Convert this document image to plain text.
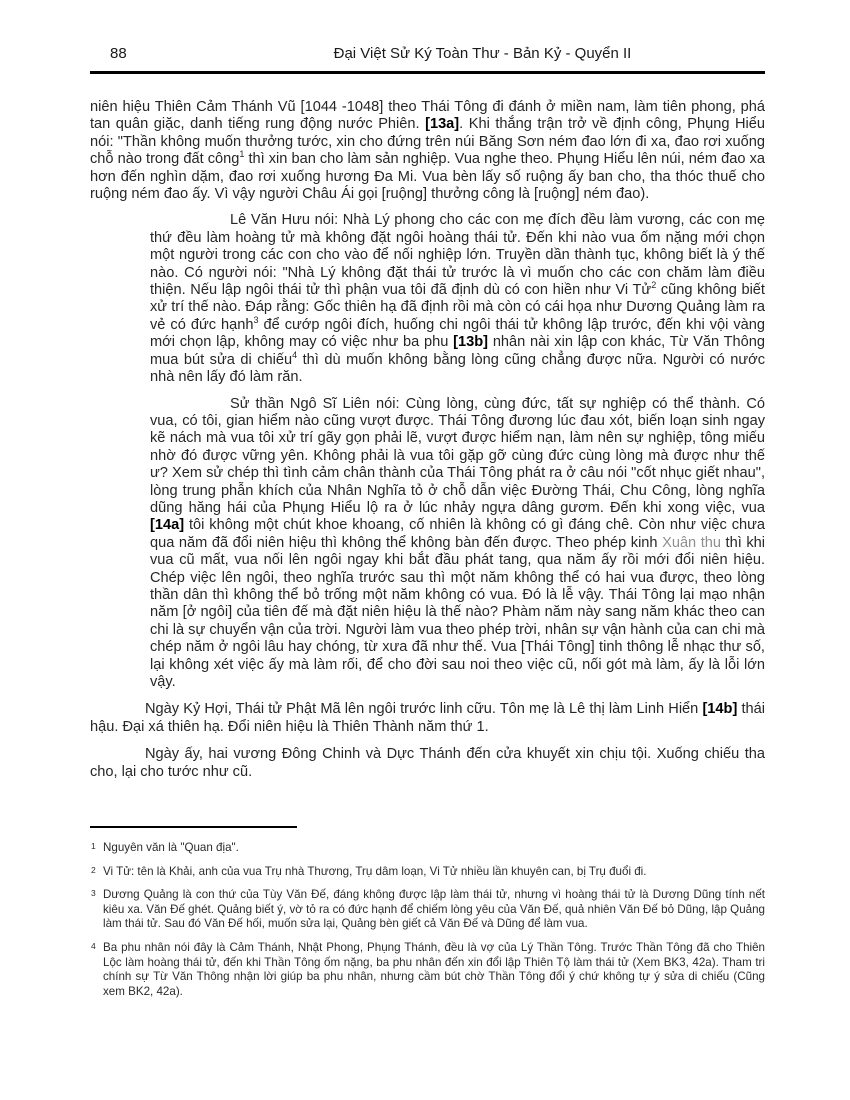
88	Đại Việt Sử Ký Toàn Thư - Bản Kỷ - Quyển II

niên hiệu Thiên Cảm Thánh Vũ [1044 -1048] theo Thái Tông đi đánh ở miền nam, làm tiên phong, phá tan quân giặc, danh tiếng rung động nước Phiên. [13a]. Khi thắng trận trở về định công, Phụng Hiểu nói: "Thần không muốn thưởng tước, xin cho đứng trên núi Băng Sơn ném đao lớn đi xa, đao rơi xuống chỗ nào trong đất công$^1$ thì xin ban cho làm sản nghiệp. Vua nghe theo. Phụng Hiểu lên núi, ném đao xa hơn đến nghìn dặm, đao rơi xuống hương Đa Mi. Vua bèn lấy số ruộng ấy ban cho, tha thóc thuế cho ruộng ném đao ấy. Vì vậy người Châu Ái gọi [ruộng] thưởng công là [ruộng] ném đao).

Lê Văn Hưu nói: Nhà Lý phong cho các con mẹ đích đều làm vương, các con mẹ thứ đều làm hoàng tử mà không đặt ngôi hoàng thái tử. Đến khi nào vua ốm nặng mới chọn một người trong các con cho vào để nối nghiệp lớn. Truyền dần thành tục, không biết là ý thế nào. Có người nói: "Nhà Lý không đặt thái tử trước là vì muốn cho các con chăm làm điều thiện. Nếu lập ngôi thái tử thì phận vua tôi đã định dù có con hiền như Vi Tử$^2$ cũng không biết xử trí thế nào. Đáp rằng: Gốc thiên hạ đã định rồi mà còn có cái họa như Dương Quảng làm ra vẻ có đức hạnh$^3$ để cướp ngôi đích, huống chi ngôi thái tử không lập trước, đến khi vội vàng mới chọn lập, không may có việc như ba phu [13b] nhân nài xin lập con khác, Từ Văn Thông mua bút sửa di chiếu$^4$ thì dù muốn không bằng lòng cũng chẳng được nữa. Người có nước nhà nên lấy đó làm răn.

Sử thần Ngô Sĩ Liên nói: Cùng lòng, cùng đức, tất sự nghiệp có thể thành. Có vua, có tôi, gian hiểm nào cũng vượt được. Thái Tông đương lúc đau xót, biến loạn sinh ngay kẽ nách mà vua tôi xử trí gãy gọn phải lẽ, vượt được hiểm nạn, làm nên sự nghiệp, tông miếu nhờ đó được vững yên. Không phải là vua tôi gặp gỡ cùng đức cùng lòng mà được như thế ư? Xem sử chép thì tình cảm chân thành của Thái Tông phát ra ở câu nói "cốt nhục giết nhau", lòng trung phẫn khích của Nhân Nghĩa tỏ ở chỗ dẫn việc Đường Thái, Chu Công, lòng nghĩa dũng hăng hái của Phụng Hiểu lộ ra ở lúc nhảy ngựa dâng gươm. Đến khi xong việc, vua [14a] tôi không một chút khoe khoang, cố nhiên là không có gì đáng chê. Còn như việc chưa qua năm đã đổi niên hiệu thì không thể không bàn đến được. Theo phép kinh Xuân thu thì khi vua cũ mất, vua nối lên ngôi ngay khi bắt đầu phát tang, qua năm ấy rồi mới đổi niên hiệu. Chép việc lên ngôi, theo nghĩa trước sau thì một năm không thể có hai vua được, theo lòng thần dân thì không thể bỏ trống một năm không có vua. Đó là lễ vậy. Thái Tông lại mạo nhận năm [ở ngôi] của tiên đế mà đặt niên hiệu là thế nào? Phàm năm này sang năm khác theo can chi là sự chuyển vận của trời. Người làm vua theo phép trời, nhân sự vận hành của can chi mà chép năm ở ngôi lâu hay chóng, từ xưa đã như thế. Vua [Thái Tông] tinh thông lễ nhạc thư số, lại không xét việc ấy mà làm rối, để cho đời sau noi theo việc cũ, nối gót mà làm, ấy là lỗi lớn vậy.

Ngày Kỷ Hợi, Thái tử Phật Mã lên ngôi trước linh cữu. Tôn mẹ là Lê thị làm Linh Hiển [14b] thái hậu. Đại xá thiên hạ. Đổi niên hiệu là Thiên Thành năm thứ 1.

Ngày ấy, hai vương Đông Chinh và Dực Thánh đến cửa khuyết xin chịu tội. Xuống chiếu tha cho, lại cho tước như cũ.

1 Nguyên văn là "Quan địa".
2 Vi Tử: tên là Khải, anh của vua Trụ nhà Thương, Trụ dâm loạn, Vi Tử nhiều lần khuyên can, bị Trụ đuổi đi.
3 Dương Quảng là con thứ của Tùy Văn Đế, đáng không được lập làm thái tử, nhưng vì hoàng thái tử là Dương Dũng tính nết kiêu xa. Văn Đế ghét. Quảng biết ý, vờ tỏ ra có đức hạnh để chiếm lòng yêu của Văn Đế, quả nhiên Văn Đế bỏ Dũng, lập Quảng làm thái tử. Sau đó Văn Đế hối, muốn sửa lại, Quảng bèn giết cả Văn Đế và Dũng để làm vua.
4 Ba phu nhân nói đây là Cảm Thánh, Nhật Phong, Phụng Thánh, đều là vợ của Lý Thần Tông. Trước Thần Tông đã cho Thiên Lộc làm hoàng thái tử, đến khi Thần Tông ốm nặng, ba phu nhân đến xin đổi lập Thiên Tộ làm thái tử (Xem BK3, 42a). Tham tri chính sự Từ Văn Thông nhận lời giúp ba phu nhân, nhưng cầm bút chờ Thần Tông đổi ý chứ không tự ý sửa di chiếu (Cũng xem BK2, 42a).
